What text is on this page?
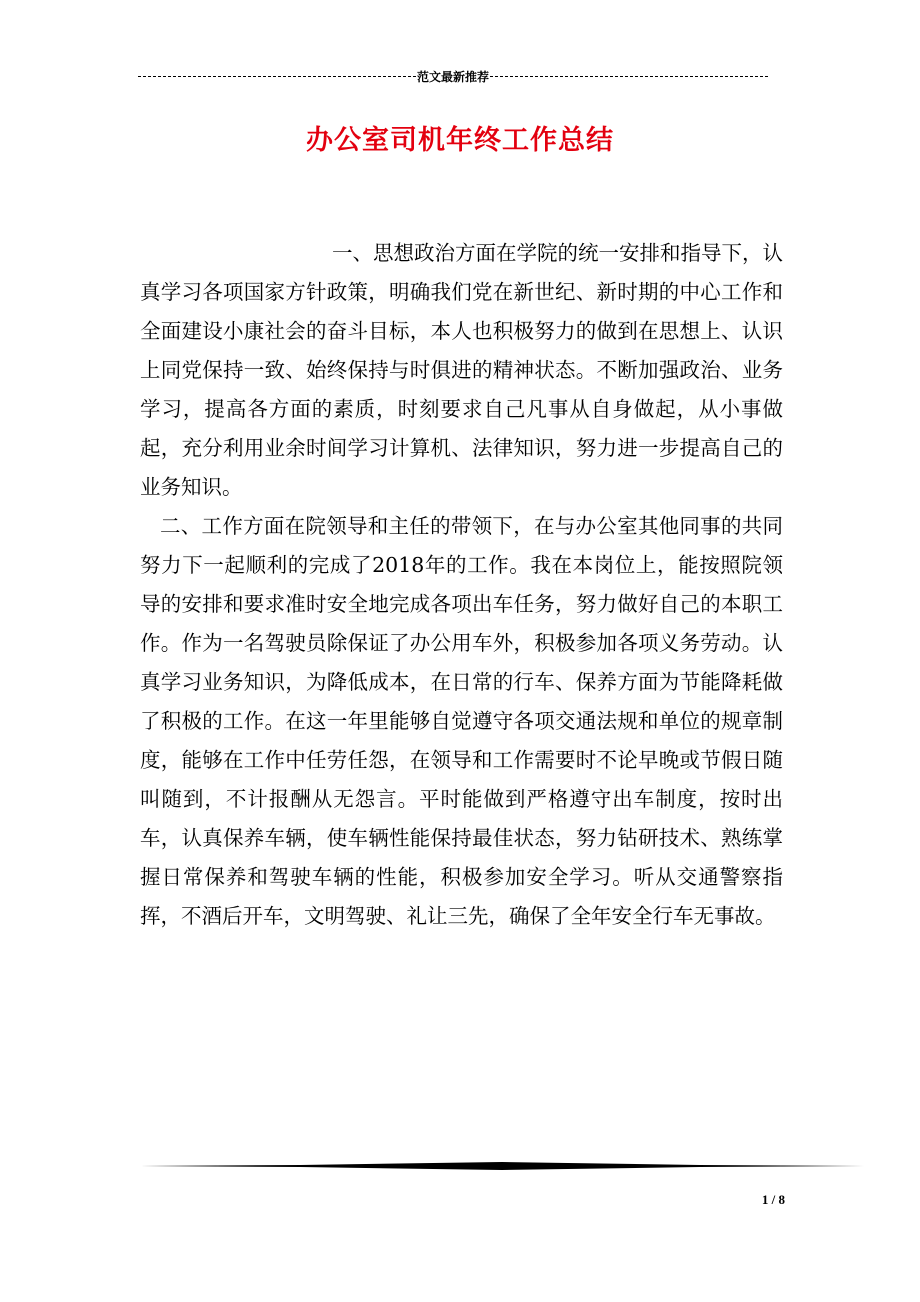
范文最新推荐
办公室司机年终工作总结

一、思想政治方面在学院的统一安排和指导下，认真学习各项国家方针政策，明确我们党在新世纪、新时期的中心工作和全面建设小康社会的奋斗目标，本人也积极努力的做到在思想上、认识上同党保持一致、始终保持与时俱进的精神状态。不断加强政治、业务学习，提高各方面的素质，时刻要求自己凡事从自身做起，从小事做起，充分利用业余时间学习计算机、法律知识，努力进一步提高自己的业务知识。

二、工作方面在院领导和主任的带领下，在与办公室其他同事的共同努力下一起顺利的完成了2018年的工作。我在本岗位上，能按照院领导的安排和要求准时安全地完成各项出车任务，努力做好自己的本职工作。作为一名驾驶员除保证了办公用车外，积极参加各项义务劳动。认真学习业务知识，为降低成本，在日常的行车、保养方面为节能降耗做了积极的工作。在这一年里能够自觉遵守各项交通法规和单位的规章制度，能够在工作中任劳任怨，在领导和工作需要时不论早晚或节假日随叫随到，不计报酬从无怨言。平时能做到严格遵守出车制度，按时出车，认真保养车辆，使车辆性能保持最佳状态，努力钻研技术、熟练掌握日常保养和驾驶车辆的性能，积极参加安全学习。听从交通警察指挥，不酒后开车，文明驾驶、礼让三先，确保了全年安全行车无事故。

1 / 8
